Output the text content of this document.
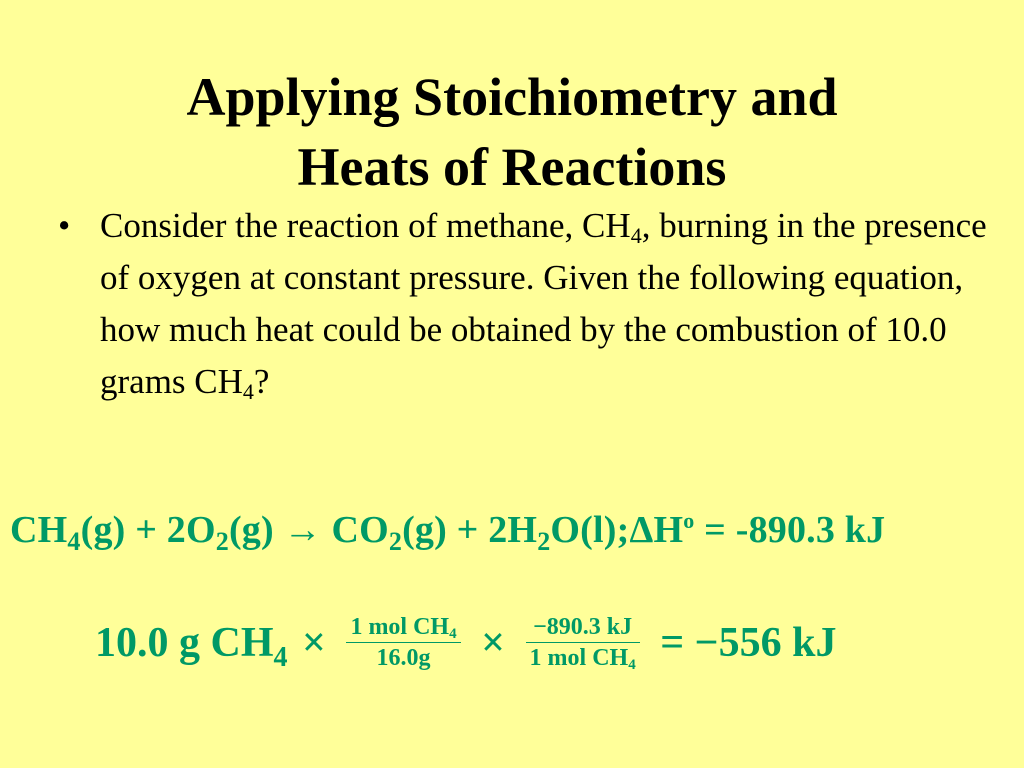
Applying Stoichiometry and
Heats of Reactions
• Consider the reaction of methane, $CH_4$, burning in the presence of oxygen at constant pressure. Given the following equation, how much heat could be obtained by the combustion of 10.0 grams $CH_4$?
$CH_4(g) + 2O_2(g) \to CO_2(g)$ + $2H_2O(l);\Delta H^o = -890.3$ kJ
10.0 g $CH_4 \times \frac{1 mol CH_4}{16.0g} \times \frac{-890.3 kJ}{1 mol CH_4} = -556$ kJ
